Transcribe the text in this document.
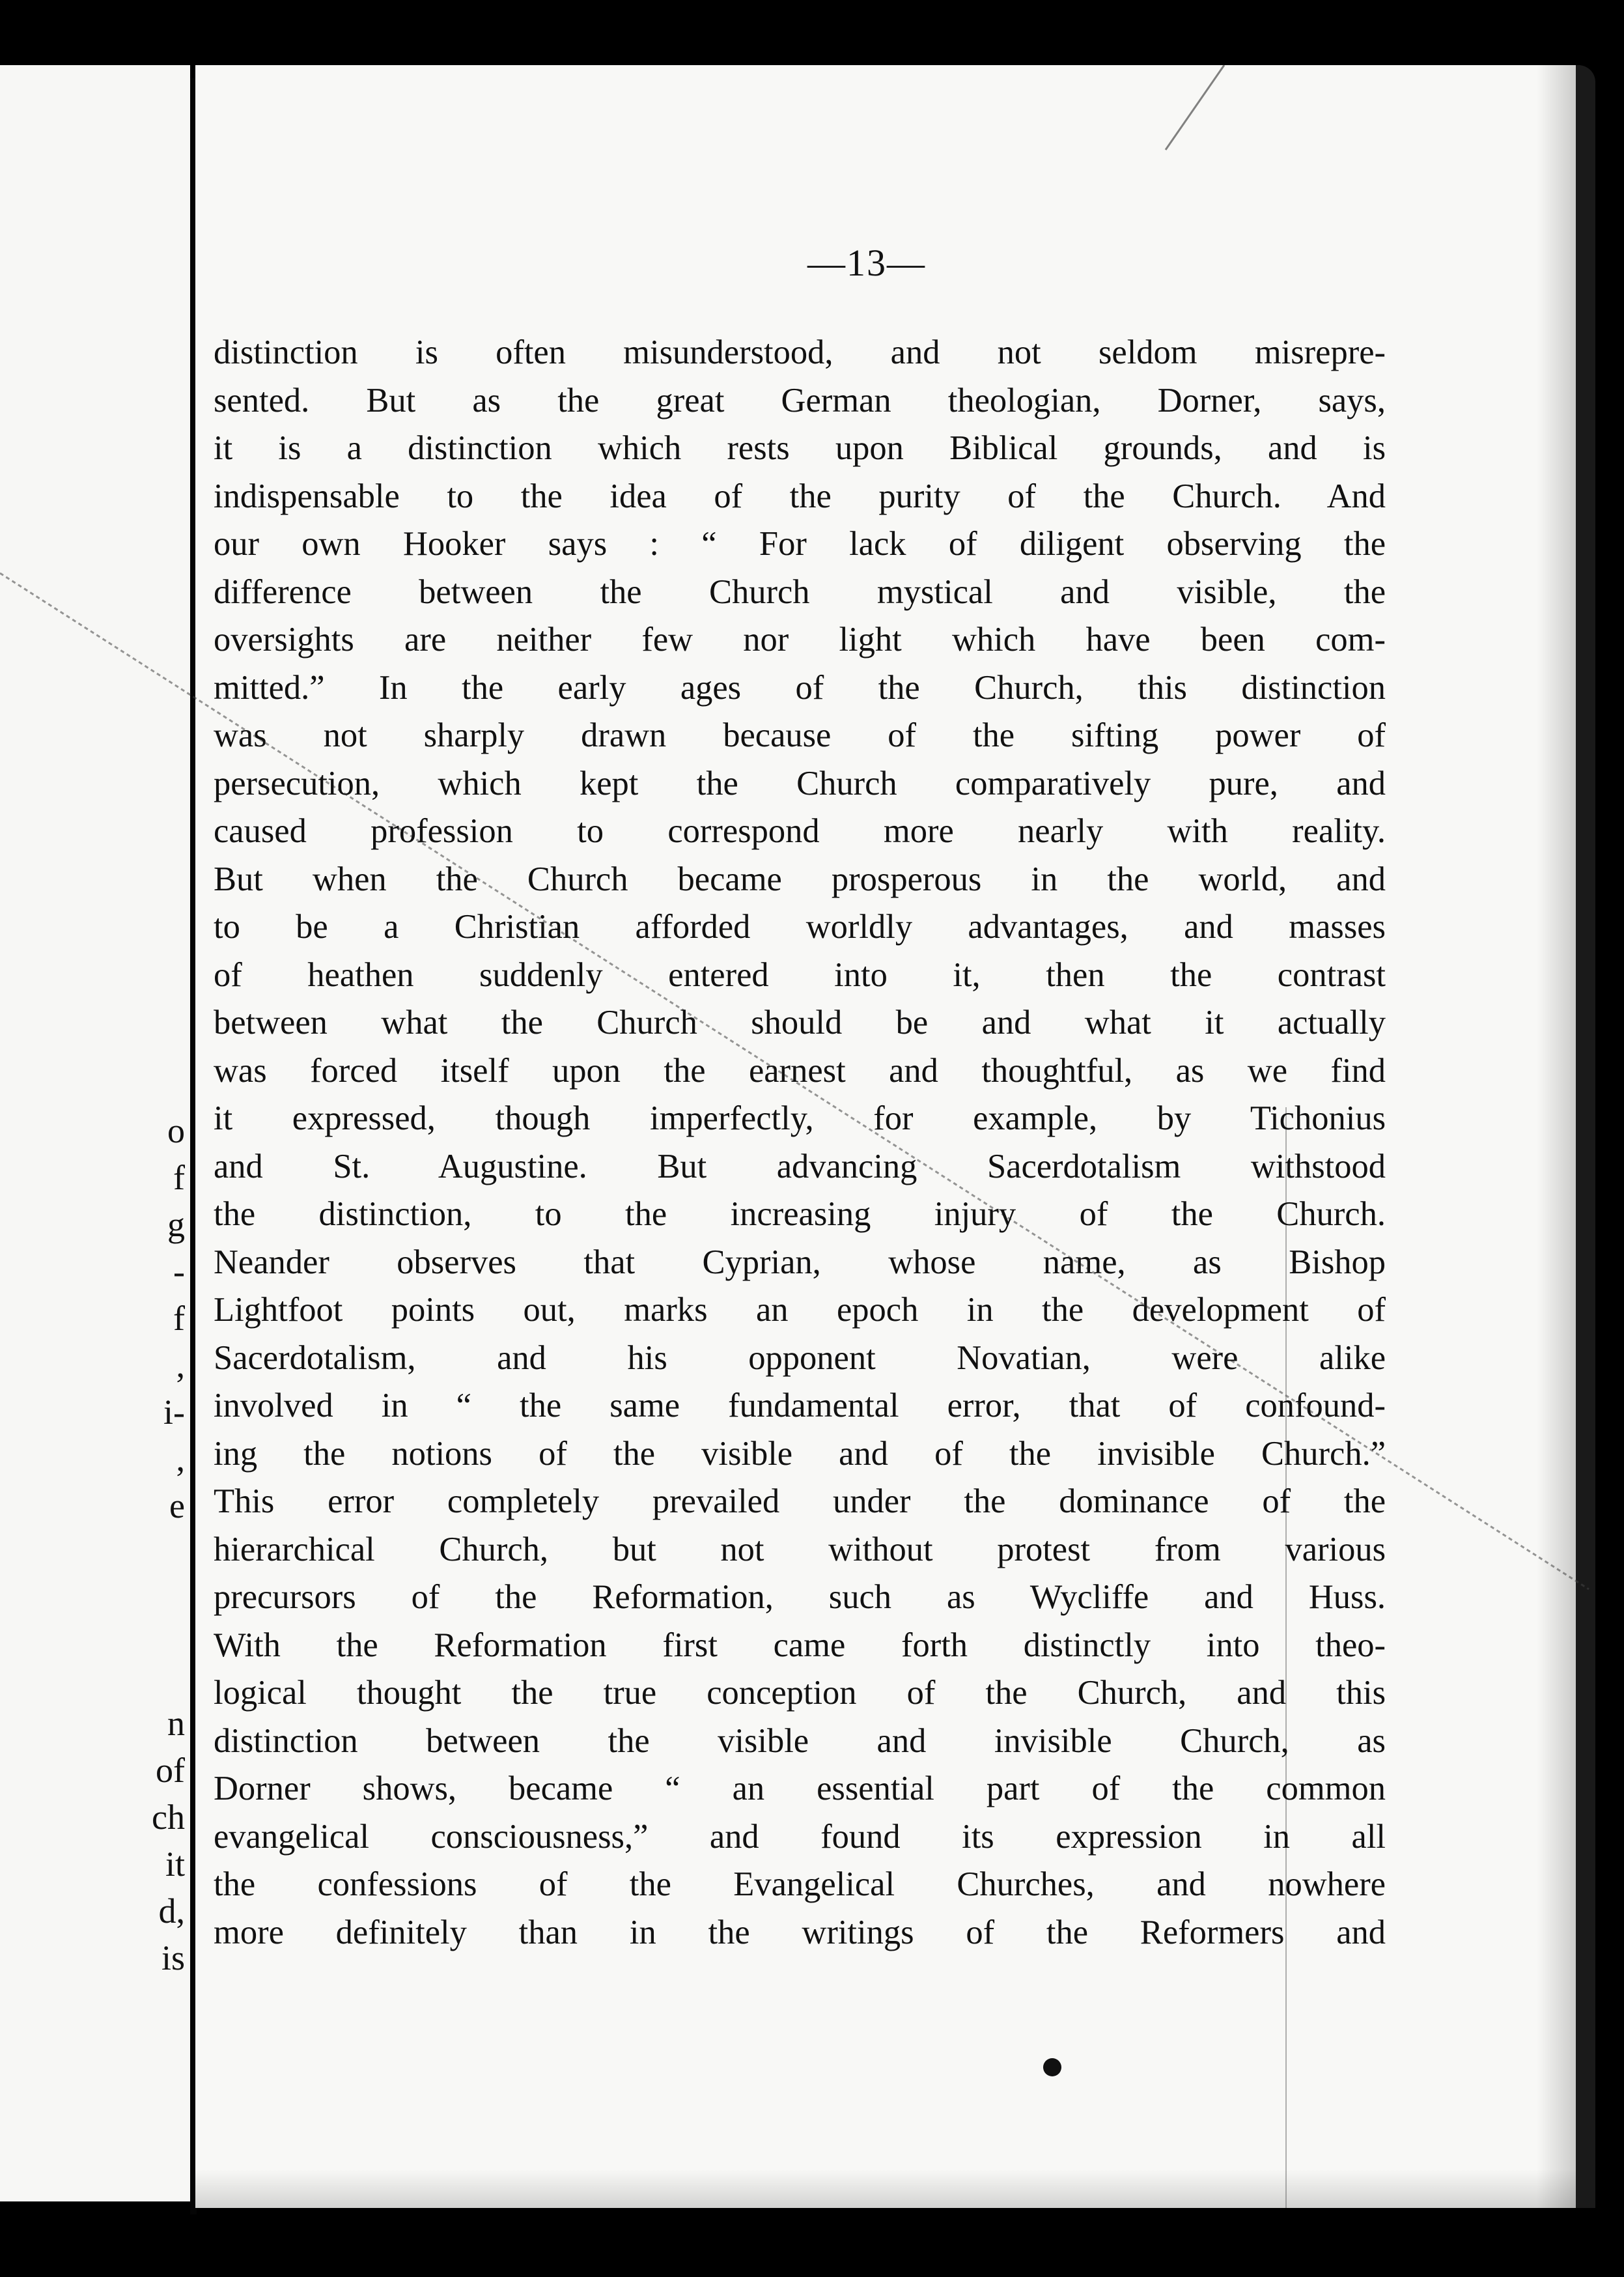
o
f
g
-
f
,
i-
,
e
n
of
ch
it
d,
is
—13—
distinction is often misunderstood, and not seldom misrepre-
sented. But as the great German theologian, Dorner, says,
it is a distinction which rests upon Biblical grounds, and is
indispensable to the idea of the purity of the Church. And
our own Hooker says : “ For lack of diligent observing the
difference between the Church mystical and visible, the
oversights are neither few nor light which have been com-
mitted.” In the early ages of the Church, this distinction
was not sharply drawn because of the sifting power of
persecution, which kept the Church comparatively pure, and
caused profession to correspond more nearly with reality.
But when the Church became prosperous in the world, and
to be a Christian afforded worldly advantages, and masses
of heathen suddenly entered into it, then the contrast
between what the Church should be and what it actually
was forced itself upon the earnest and thoughtful, as we find
it expressed, though imperfectly, for example, by Tichonius
and St. Augustine. But advancing Sacerdotalism withstood
the distinction, to the increasing injury of the Church.
Neander observes that Cyprian, whose name, as Bishop
Lightfoot points out, marks an epoch in the development of
Sacerdotalism, and his opponent Novatian, were alike
involved in “ the same fundamental error, that of confound-
ing the notions of the visible and of the invisible Church.”
This error completely prevailed under the dominance of the
hierarchical Church, but not without protest from various
precursors of the Reformation, such as Wycliffe and Huss.
With the Reformation first came forth distinctly into theo-
logical thought the true conception of the Church, and this
distinction between the visible and invisible Church, as
Dorner shows, became “ an essential part of the common
evangelical consciousness,” and found its expression in all
the confessions of the Evangelical Churches, and nowhere
more definitely than in the writings of the Reformers and
